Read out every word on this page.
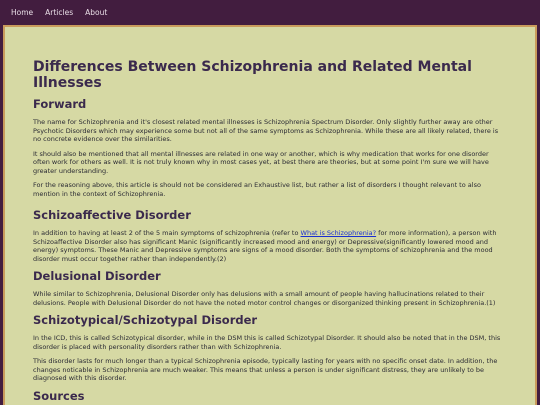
Home Articles About
Differences Between Schizophrenia and Related Mental Illnesses
Forward

The name for Schizophrenia and it's closest related mental illnesses is Schizophrenia Spectrum Disorder. Only slightly further away are other Psychotic Disorders which may experience some but not all of the same symptoms as Schizophrenia. While these are all likely related, there is no concrete evidence over the similarities.

It should also be mentioned that all mental illnesses are related in one way or another, which is why medication that works for one disorder often work for others as well. It is not truly known why in most cases yet, at best there are theories, but at some point I'm sure we will have greater understanding.

For the reasoning above, this article is should not be considered an Exhaustive list, but rather a list of disorders I thought relevant to also mention in the context of Schizophrenia.

Schizoaffective Disorder

In addition to having at least 2 of the 5 main symptoms of schizophrenia (refer to What is Schizophrenia? for more information), a person with Schizoaffective Disorder also has significant Manic (significantly increased mood and energy) or Depressive(significantly lowered mood and energy) symptoms. These Manic and Depressive symptoms are signs of a mood disorder. Both the symptoms of schizophrenia and the mood disorder must occur together rather than independently.(2)

Delusional Disorder

While similar to Schizophrenia, Delusional Disorder only has delusions with a small amount of people having hallucinations related to their delusions. People with Delusional Disorder do not have the noted motor control changes or disorganized thinking present in Schizophrenia.(1)

Schizotypical/Schizotypal Disorder

In the ICD, this is called Schizotypical disorder, while in the DSM this is called Schizotypal Disorder. It should also be noted that in the DSM, this disorder is placed with personality disorders rather than with Schizophrenia.

This disorder lasts for much longer than a typical Schizophrenia episode, typically lasting for years with no specific onset date. In addition, the changes noticable in Schizophrenia are much weaker. This means that unless a person is under significant distress, they are unlikely to be diagnosed with this disorder.

Sources
